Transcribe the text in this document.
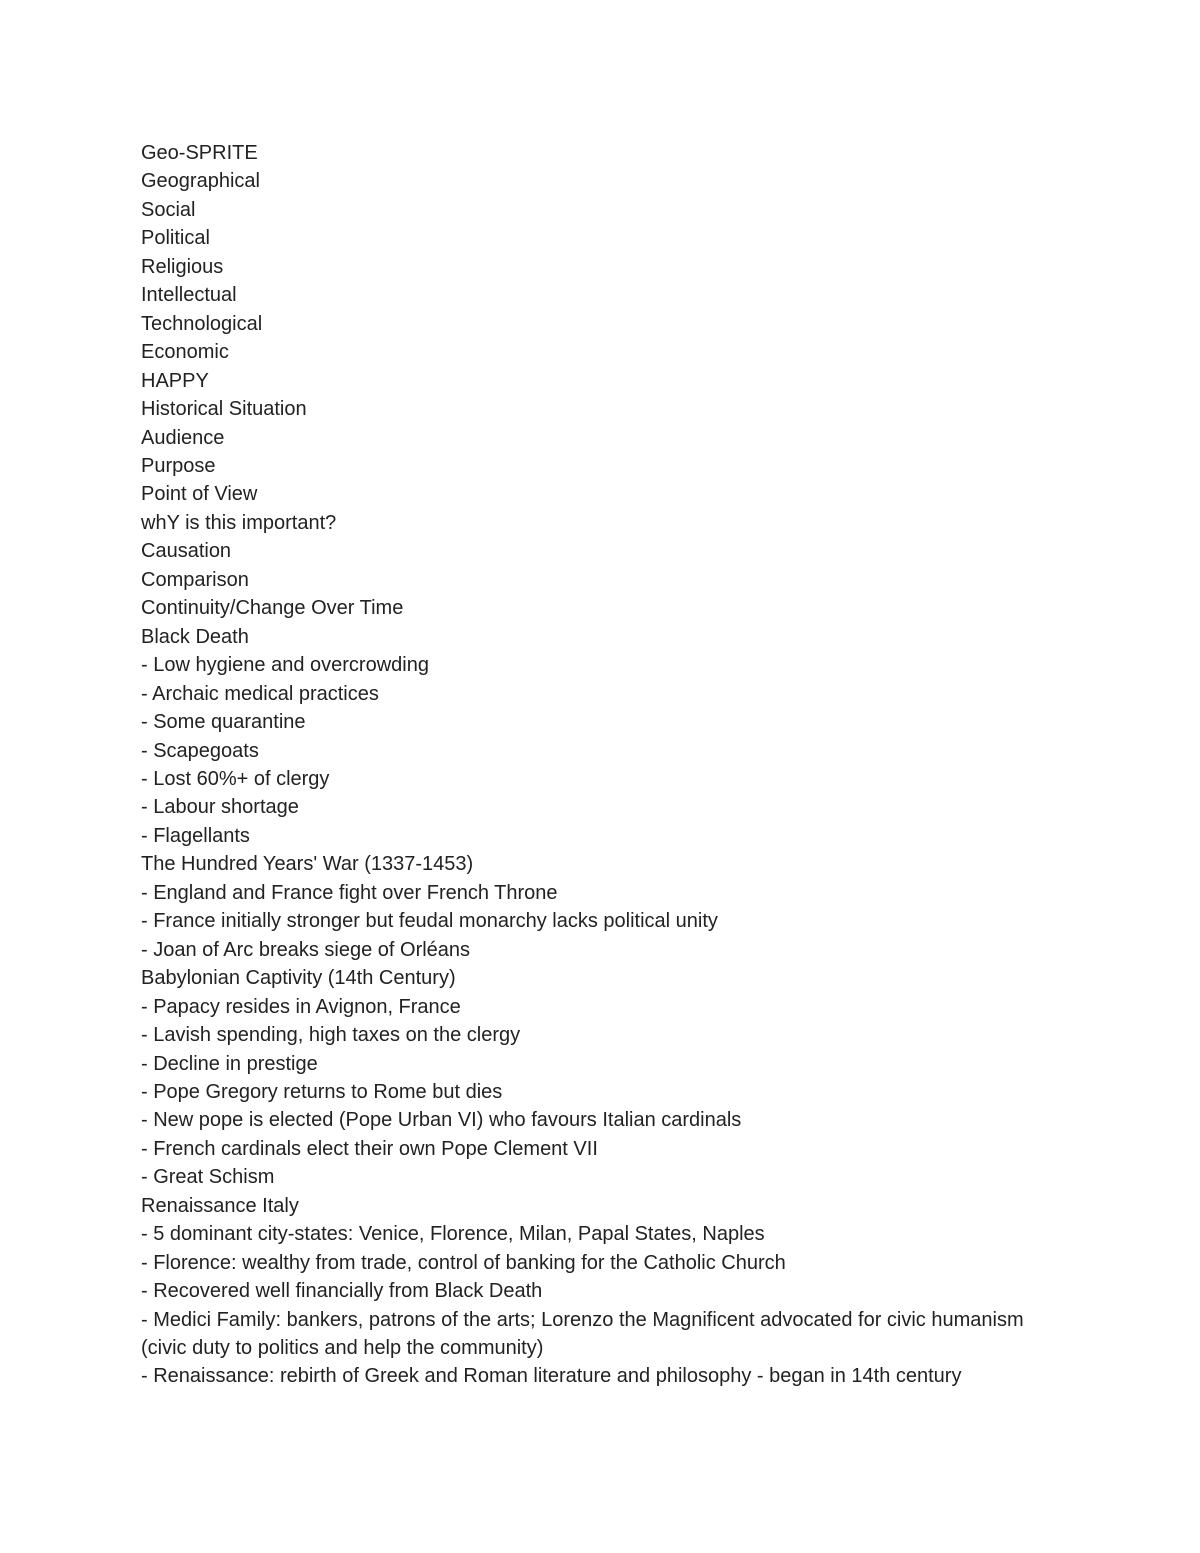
Geo-SPRITE

Geographical

Social

Political

Religious

Intellectual

Technological

Economic

HAPPY

Historical Situation

Audience

Purpose

Point of View

whY is this important?

Causation

Comparison

Continuity/Change Over Time

Black Death

- Low hygiene and overcrowding

- Archaic medical practices

- Some quarantine

- Scapegoats

- Lost 60%+ of clergy

- Labour shortage

- Flagellants

The Hundred Years' War (1337-1453)

- England and France fight over French Throne

- France initially stronger but feudal monarchy lacks political unity

- Joan of Arc breaks siege of Orléans

Babylonian Captivity (14th Century)

- Papacy resides in Avignon, France

- Lavish spending, high taxes on the clergy

- Decline in prestige

- Pope Gregory returns to Rome but dies

- New pope is elected (Pope Urban VI) who favours Italian cardinals

- French cardinals elect their own Pope Clement VII

- Great Schism

Renaissance Italy

- 5 dominant city-states: Venice, Florence, Milan, Papal States, Naples

- Florence: wealthy from trade, control of banking for the Catholic Church

- Recovered well financially from Black Death

- Medici Family: bankers, patrons of the arts; Lorenzo the Magnificent advocated for civic humanism (civic duty to politics and help the community)

- Renaissance: rebirth of Greek and Roman literature and philosophy - began in 14th century
